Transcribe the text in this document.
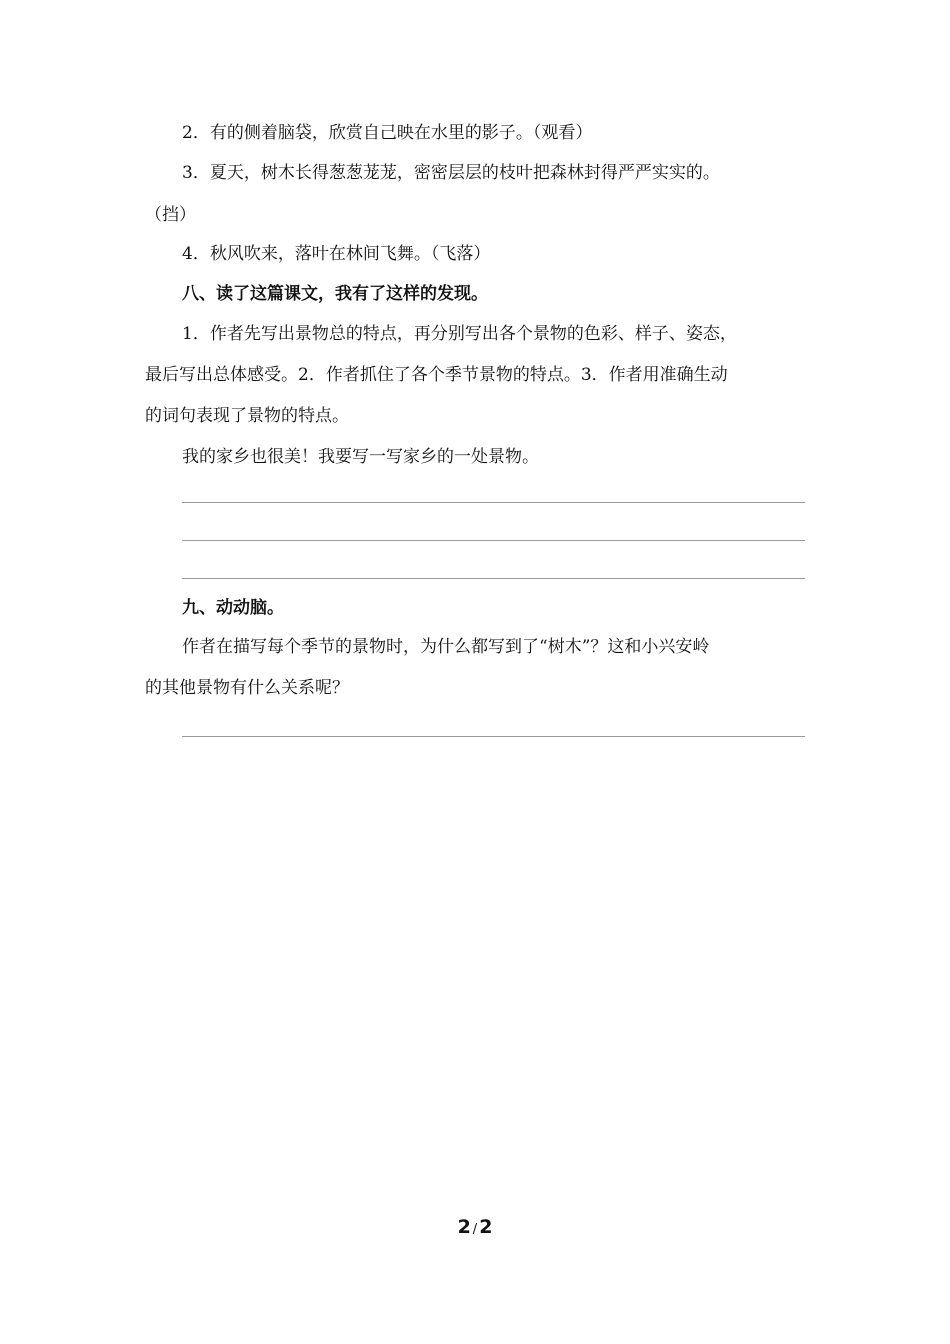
2．有的侧着脑袋，欣赏自己映在水里的影子。（观看）
3．夏天，树木长得葱葱茏茏，密密层层的枝叶把森林封得严严实实的。
（挡）
4．秋风吹来，落叶在林间飞舞。（飞落）
八、读了这篇课文，我有了这样的发现。
1．作者先写出景物总的特点，再分别写出各个景物的色彩、样子、姿态，
最后写出总体感受。2．作者抓住了各个季节景物的特点。3．作者用准确生动
的词句表现了景物的特点。
我的家乡也很美！我要写一写家乡的一处景物。
九、动动脑。
作者在描写每个季节的景物时，为什么都写到了“树木”？这和小兴安岭
的其他景物有什么关系呢？
2 / 2
